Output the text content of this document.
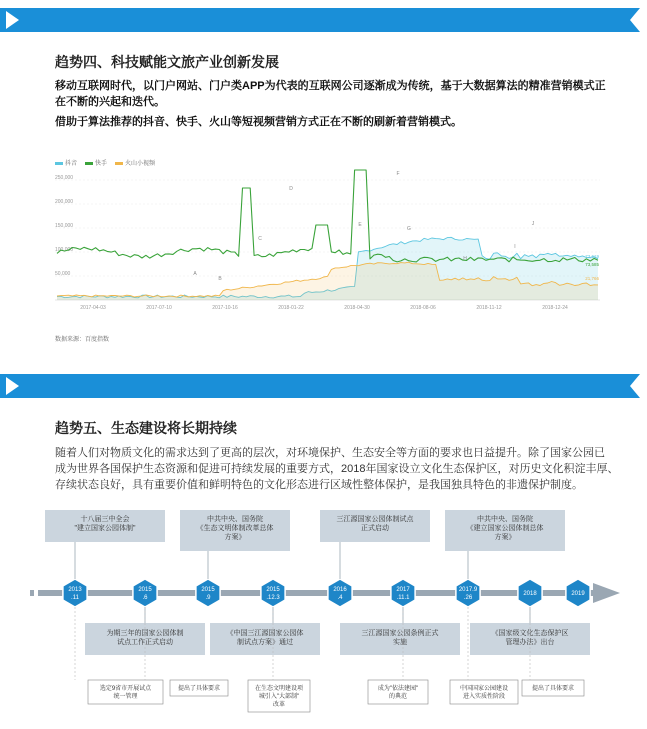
趋势四、科技赋能文旅产业创新发展
移动互联网时代，以门户网站、门户类APP为代表的互联网公司逐渐成为传统，基于大数据算法的精准营销模式正
在不断的兴起和迭代。
借助于算法推荐的抖音、快手、火山等短视频营销方式正在不断的刷新着营销模式。
抖音	快手	火山小视频
250,000
200,000
150,000
100,000
50,000
2017-04-03	2017-07-10	2017-10-16	2018-01-22	2018-04-30	2018-08-06	2018-11-12	2018-12-24
A
B
C
D
E
F
G
H
I
J
73,619
73,585
21,766
数据来源：百度指数
趋势五、生态建设将长期持续
随着人们对物质文化的需求达到了更高的层次，对环境保护、生态安全等方面的要求也日益提升。除了国家公园已
成为世界各国保护生态资源和促进可持续发展的重要方式，2018年国家设立文化生态保护区，对历史文化积淀丰厚、
存续状态良好，具有重要价值和鲜明特色的文化形态进行区域性整体保护，是我国独具特色的非遗保护制度。
2013 .11
2015 .6
2015 .9
2015 .12.3
2016 .4
2017 .11.1
2017.9 .26
2018	2019
十八届三中全会"建立国家公园体制"
中共中央、国务院《生态文明体制改革总体方案》
三江源国家公园体制试点正式启动
中共中央、国务院《建立国家公园体制总体方案》
为期三年的国家公园体制试点工作正式启动
《中国三江源国家公园体制试点方案》通过
三江源国家公园条例正式实施
《国家级文化生态保护区管理办法》出台
选定9省市开展试点统一管理
提出了具体要求	在生态文明建设项城引入"大部制"改革
成为"依法建园"的典范
中国国家公园建设进入实质性阶段
提出了具体要求
